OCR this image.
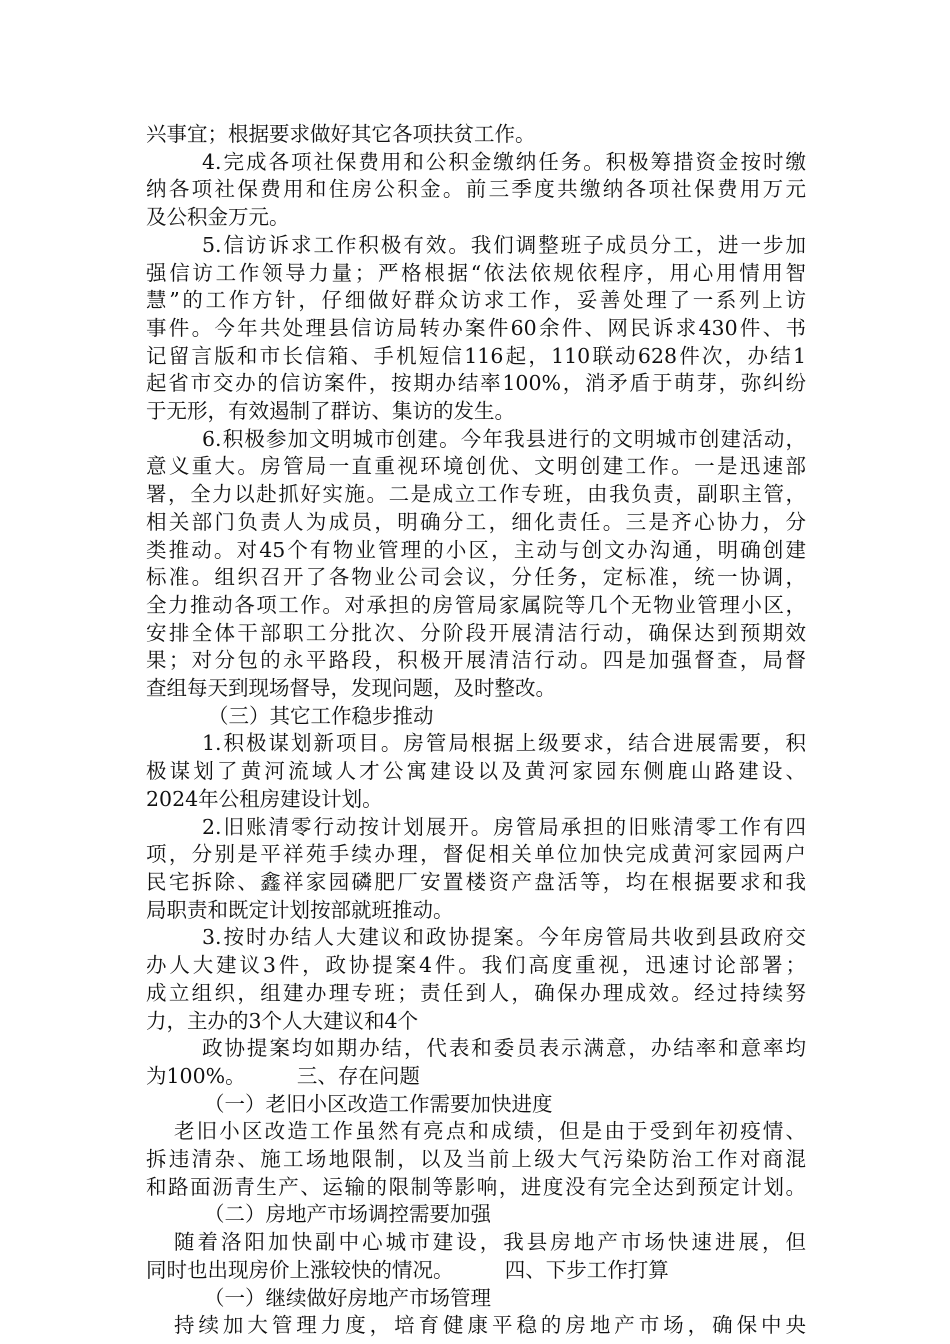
兴事宜；根据要求做好其它各项扶贫工作。
4.完成各项社保费用和公积金缴纳任务。积极筹措资金按时缴
纳各项社保费用和住房公积金。前三季度共缴纳各项社保费用万元
及公积金万元。
5.信访诉求工作积极有效。我们调整班子成员分工，进一步加
强信访工作领导力量；严格根据“依法依规依程序，用心用情用智
慧”的工作方针，仔细做好群众访求工作，妥善处理了一系列上访
事件。今年共处理县信访局转办案件60余件、网民诉求430件、书
记留言版和市长信箱、手机短信116起，110联动628件次，办结1
起省市交办的信访案件，按期办结率100%，消矛盾于萌芽，弥纠纷
于无形，有效遏制了群访、集访的发生。
6.积极参加文明城市创建。今年我县进行的文明城市创建活动，
意义重大。房管局一直重视环境创优、文明创建工作。一是迅速部
署，全力以赴抓好实施。二是成立工作专班，由我负责，副职主管，
相关部门负责人为成员，明确分工，细化责任。三是齐心协力，分
类推动。对45个有物业管理的小区，主动与创文办沟通，明确创建
标准。组织召开了各物业公司会议，分任务，定标准，统一协调，
全力推动各项工作。对承担的房管局家属院等几个无物业管理小区，
安排全体干部职工分批次、分阶段开展清洁行动，确保达到预期效
果；对分包的永平路段，积极开展清洁行动。四是加强督查，局督
查组每天到现场督导，发现问题，及时整改。
（三）其它工作稳步推动
1.积极谋划新项目。房管局根据上级要求，结合进展需要，积
极谋划了黄河流域人才公寓建设以及黄河家园东侧鹿山路建设、
2024年公租房建设计划。
2.旧账清零行动按计划展开。房管局承担的旧账清零工作有四
项，分别是平祥苑手续办理，督促相关单位加快完成黄河家园两户
民宅拆除、鑫祥家园磷肥厂安置楼资产盘活等，均在根据要求和我
局职责和既定计划按部就班推动。
3.按时办结人大建议和政协提案。今年房管局共收到县政府交
办人大建议3件，政协提案4件。我们高度重视，迅速讨论部署；
成立组织，组建办理专班；责任到人，确保办理成效。经过持续努
力，主办的3个人大建议和4个
政协提案均如期办结，代表和委员表示满意，办结率和意率均
为100%。　　　三、存在问题
（一）老旧小区改造工作需要加快进度
老旧小区改造工作虽然有亮点和成绩，但是由于受到年初疫情、
拆违清杂、施工场地限制，以及当前上级大气污染防治工作对商混
和路面沥青生产、运输的限制等影响，进度没有完全达到预定计划。
（二）房地产市场调控需要加强
随着洛阳加快副中心城市建设，我县房地产市场快速进展，但
同时也出现房价上涨较快的情况。　　　四、下步工作打算
（一）继续做好房地产市场管理
持续加大管理力度，培育健康平稳的房地产市场，确保中央
